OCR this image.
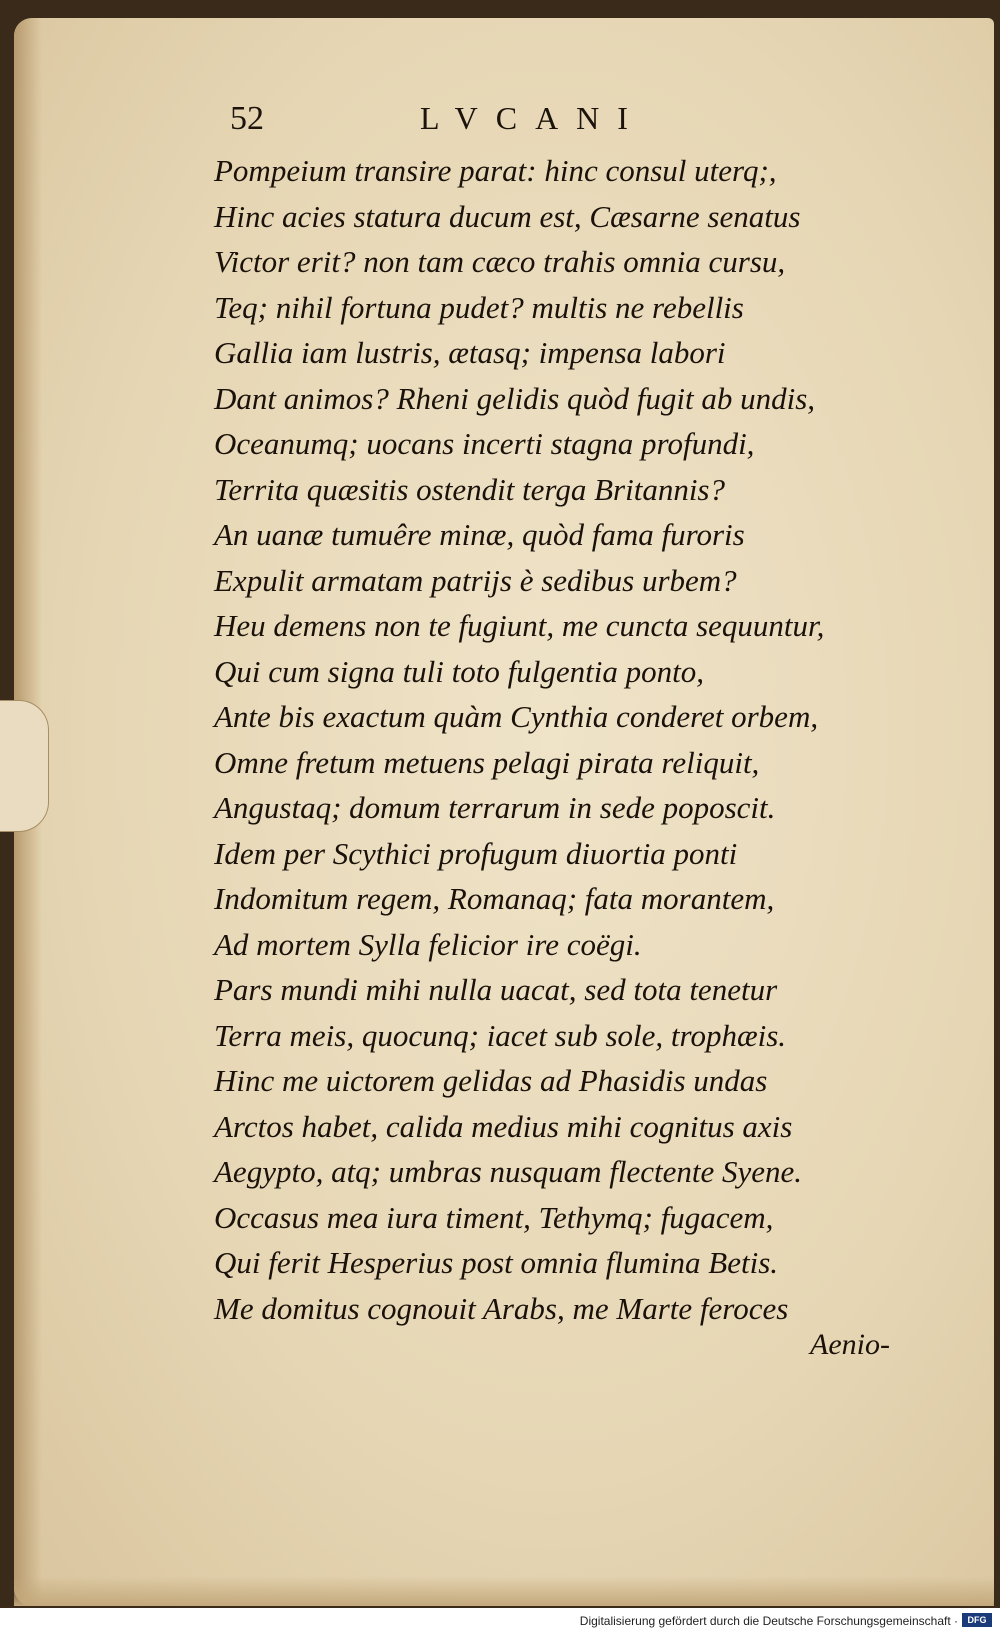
52	LVCANI
Pompeium transire parat: hinc consul uterq;,
Hinc acies statura ducum est, Cæsarne senatus
Victor erit? non tam cæco trahis omnia cursu,
Teq; nihil fortuna pudet? multis ne rebellis
Gallia iam lustris, ætasq; impensa labori
Dant animos? Rheni gelidis quòd fugit ab undis,
Oceanumq; uocans incerti stagna profundi,
Territa quæsitis ostendit terga Britannis?
An uanæ tumuêre minæ, quòd fama furoris
Expulit armatam patrijs è sedibus urbem?
Heu demens non te fugiunt, me cuncta sequuntur,
Qui cum signa tuli toto fulgentia ponto,
Ante bis exactum quàm Cynthia conderet orbem,
Omne fretum metuens pelagi pirata reliquit,
Angustaq; domum terrarum in sede poposcit.
Idem per Scythici profugum diuortia ponti
Indomitum regem, Romanaq; fata morantem,
Ad mortem Sylla felicior ire coëgi.
Pars mundi mihi nulla uacat, sed tota tenetur
Terra meis, quocunq; iacet sub sole, trophæis.
Hinc me uictorem gelidas ad Phasidis undas
Arctos habet, calida medius mihi cognitus axis
Aegypto, atq; umbras nusquam flectente Syene.
Occasus mea iura timent, Tethymq; fugacem,
Qui ferit Hesperius post omnia flumina Betis.
Me domitus cognouit Arabs, me Marte feroces
Aenio-
Digitalisierung gefördert durch die Deutsche Forschungsgemeinschaft ·	DFG
